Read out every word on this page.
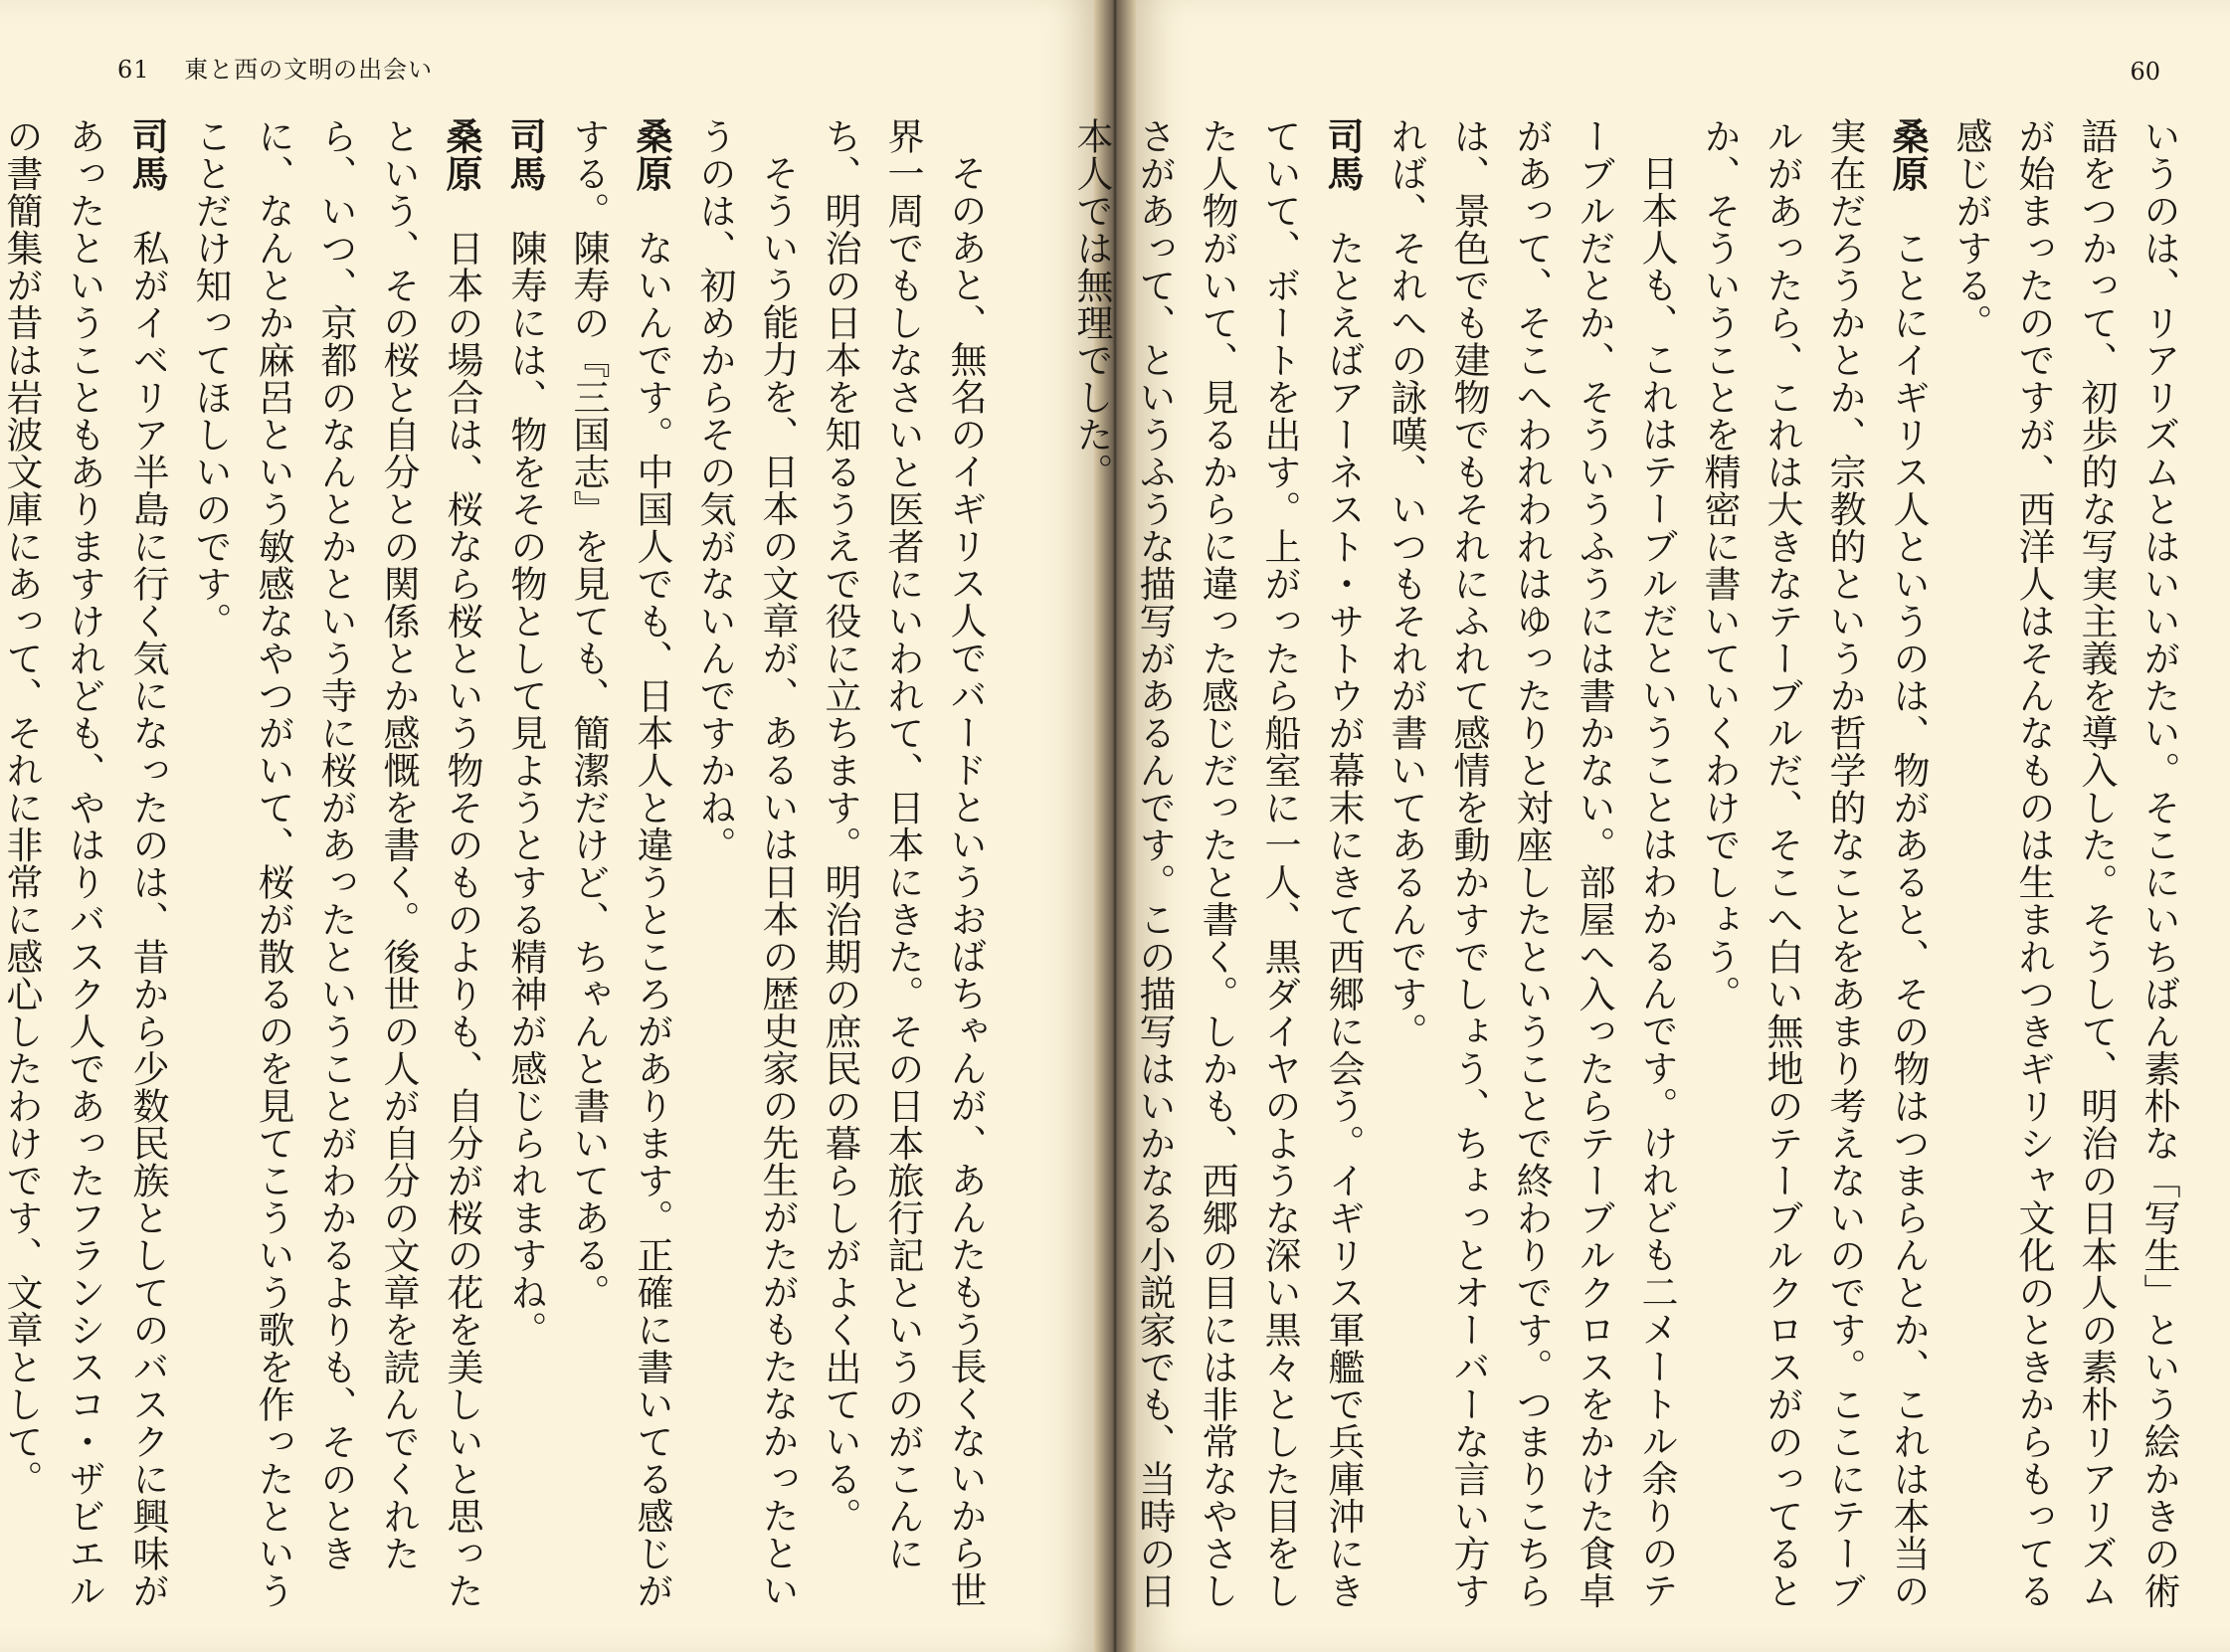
61 東と西の文明の出会い

そのあと、無名のイギリス人でバードというおばちゃんが、あんたもう長くないから世界一周でもしなさいと医者にいわれて、日本にきた。その日本旅行記というのがこんにち、明治の日本を知るうえで役に立ちます。明治期の庶民の暮らしがよく出ている。

そういう能力を、日本の文章が、あるいは日本の歴史家の先生がたがもたなかったというのは、初めからその気がないんですかね。

桑原　ないんです。中国人でも、日本人と違うところがあります。正確に書いてる感じがする。陳寿の『三国志』を見ても、簡潔だけど、ちゃんと書いてある。

司馬　陳寿には、物をその物として見ようとする精神が感じられますね。

桑原　日本の場合は、桜なら桜という物そのものよりも、自分が桜の花を美しいと思ったという、その桜と自分との関係とか感慨を書く。後世の人が自分の文章を読んでくれたら、いつ、京都のなんとかという寺に桜があったということがわかるよりも、そのときに、なんとか麻呂という敏感なやつがいて、桜が散るのを見てこういう歌を作ったということだけ知ってほしいのです。

司馬　私がイベリア半島に行く気になったのは、昔から少数民族としてのバスクに興味があったということもありますけれども、やはりバスク人であったフランシスコ・ザビエルの書簡集が昔は岩波文庫にあって、それに非常に感心したわけです、文章として。

60

いうのは、リアリズムとはいいがたい。そこにいちばん素朴な「写生」という絵かきの術語をつかって、初歩的な写実主義を導入した。そうして、明治の日本人の素朴リアリズムが始まったのですが、西洋人はそんなものは生まれつきギリシャ文化のときからもってる感じがする。

桑原　ことにイギリス人というのは、物があると、その物はつまらんとか、これは本当の実在だろうかとか、宗教的というか哲学的なことをあまり考えないのです。ここにテーブルがあったら、これは大きなテーブルだ、そこへ白い無地のテーブルクロスがのってるとか、そういうことを精密に書いていくわけでしょう。

日本人も、これはテーブルだということはわかるんです。けれども二メートル余りのテーブルだとか、そういうふうには書かない。部屋へ入ったらテーブルクロスをかけた食卓があって、そこへわれわれはゆったりと対座したということで終わりです。つまりこちらは、景色でも建物でもそれにふれて感情を動かすでしょう、ちょっとオーバーな言い方すれば、それへの詠嘆、いつもそれが書いてあるんです。

司馬　たとえばアーネスト・サトウが幕末にきて西郷に会う。イギリス軍艦で兵庫沖にきていて、ボートを出す。上がったら船室に一人、黒ダイヤのような深い黒々とした目をした人物がいて、見るからに違った感じだったと書く。しかも、西郷の目には非常なやさしさがあって、というふうな描写があるんです。この描写はいかなる小説家でも、当時の日本人では無理でした。
